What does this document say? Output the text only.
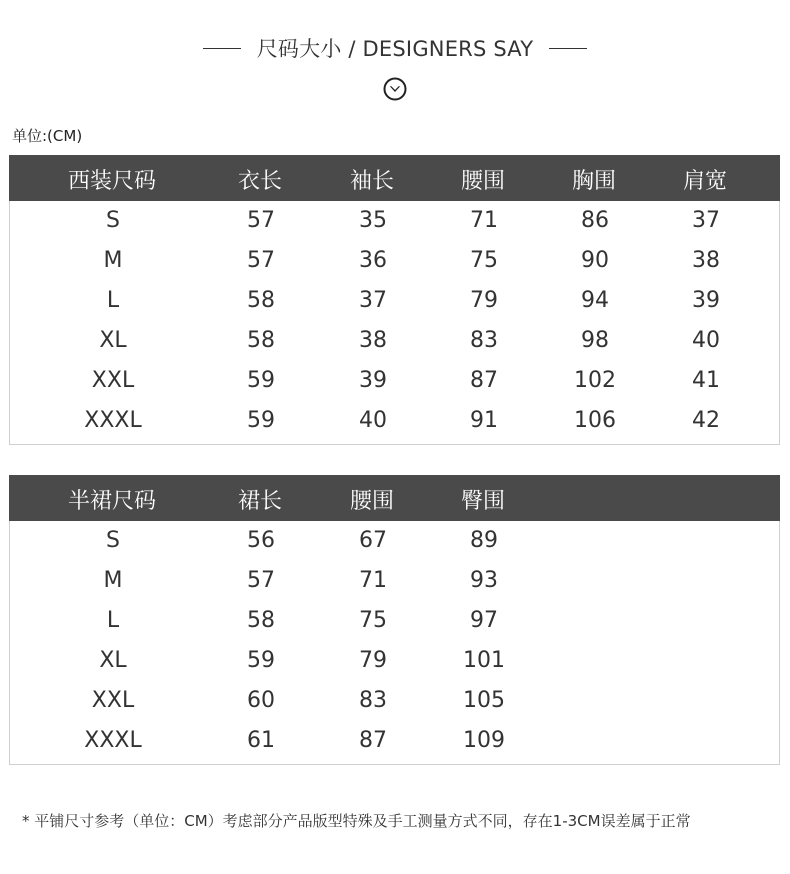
尺码大小 / DESIGNERS SAY
单位:(CM)
西装尺码	衣长	袖长	腰围	胸围	肩宽
S	57	35	71	86	37
M	57	36	75	90	38
L	58	37	79	94	39
XL	58	38	83	98	40
XXL	59	39	87	102	41
XXXL	59	40	91	106	42
半裙尺码	裙长	腰围	臀围
S	56	67	89
M	57	71	93
L	58	75	97
XL	59	79	101
XXL	60	83	105
XXXL	61	87	109
* 平铺尺寸参考（单位：CM）考虑部分产品版型特殊及手工测量方式不同，存在1-3CM误差属于正常
